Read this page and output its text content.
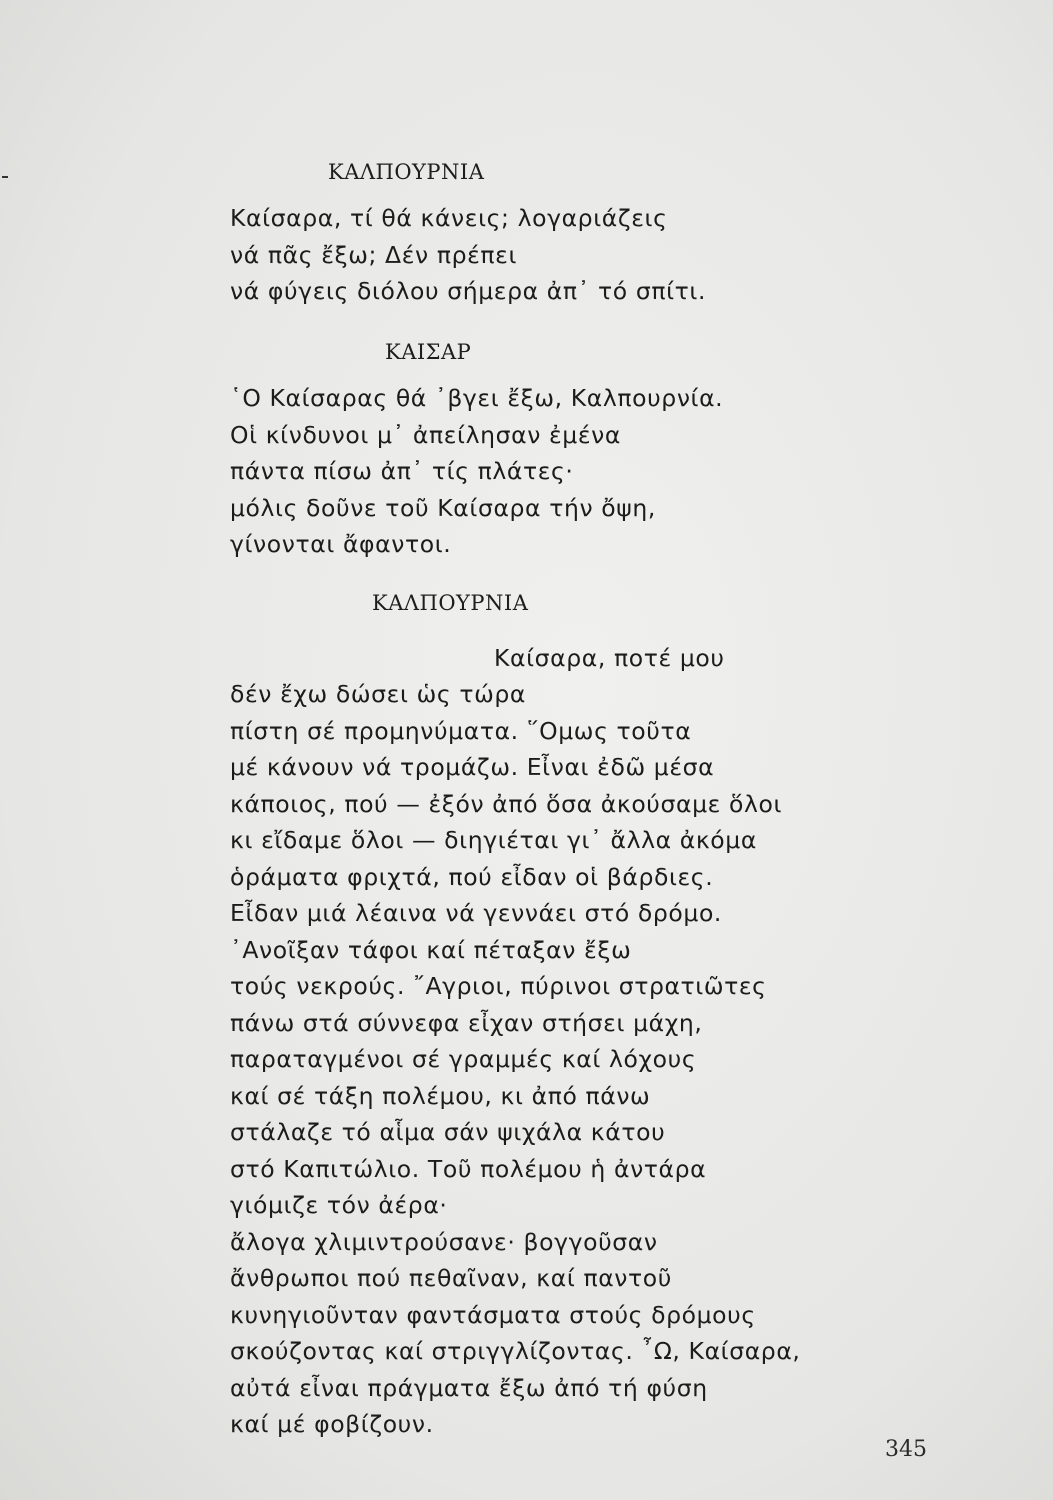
ΚΑΛΠΟΥΡΝΙΑ
Καίσαρα, τί θά κάνεις; λογαριάζεις
νά πᾶς ἔξω; Δέν πρέπει
νά φύγεις διόλου σήμερα ἀπ᾽ τό σπίτι.
ΚΑΙΣΑΡ
῾Ο Καίσαρας θά ᾽βγει ἔξω, Καλπουρνία.
Οἱ κίνδυνοι μ᾽ ἀπείλησαν ἐμένα
πάντα πίσω ἀπ᾽ τίς πλάτες·
μόλις δοῦνε τοῦ Καίσαρα τήν ὄψη,
γίνονται ἄφαντοι.
ΚΑΛΠΟΥΡΝΙΑ
Καίσαρα, ποτέ μου
δέν ἔχω δώσει ὡς τώρα
πίστη σέ προμηνύματα. ῞Ομως τοῦτα
μέ κάνουν νά τρομάζω. Εἶναι ἐδῶ μέσα
κάποιος, πού — ἐξόν ἀπό ὅσα ἀκούσαμε ὅλοι
κι εἴδαμε ὅλοι — διηγιέται γι᾽ ἄλλα ἀκόμα
ὁράματα φριχτά, πού εἶδαν οἱ βάρδιες.
Εἶδαν μιά λέαινα νά γεννάει στό δρόμο.
᾽Ανοῖξαν τάφοι καί πέταξαν ἔξω
τούς νεκρούς. ῎Αγριοι, πύρινοι στρατιῶτες
πάνω στά σύννεφα εἶχαν στήσει μάχη,
παραταγμένοι σέ γραμμές καί λόχους
καί σέ τάξη πολέμου, κι ἀπό πάνω
στάλαζε τό αἷμα σάν ψιχάλα κάτου
στό Καπιτώλιο. Τοῦ πολέμου ἡ ἀντάρα
γιόμιζε τόν ἀέρα·
ἄλογα χλιμιντρούσανε· βογγοῦσαν
ἄνθρωποι πού πεθαῖναν, καί παντοῦ
κυνηγιοῦνταν φαντάσματα στούς δρόμους
σκούζοντας καί στριγγλίζοντας. ῏Ω, Καίσαρα,
αὐτά εἶναι πράγματα ἔξω ἀπό τή φύση
καί μέ φοβίζουν.
345
